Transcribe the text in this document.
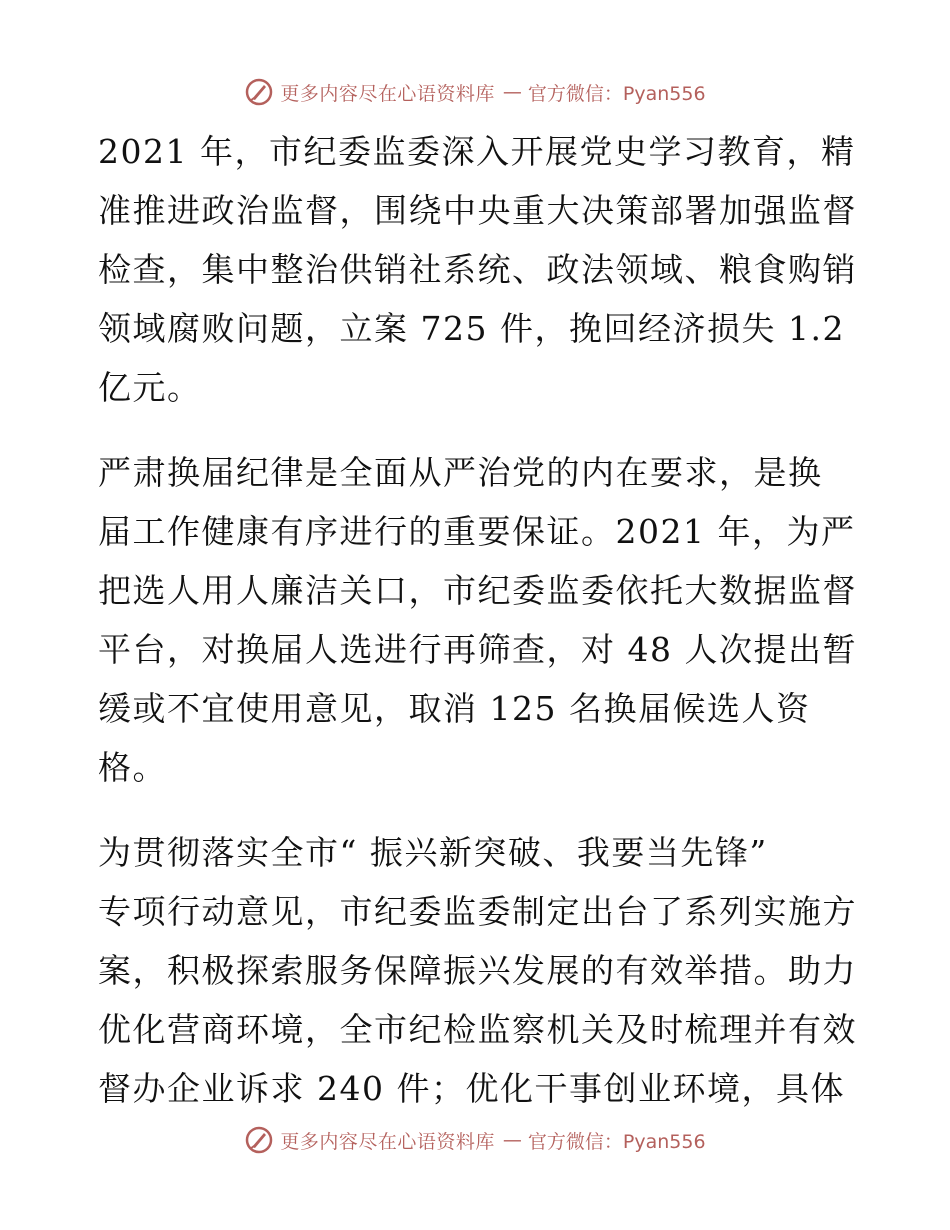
更多内容尽在心语资料库 — 官方微信：Pyan556

2021 年，市纪委监委深入开展党史学习教育，精
准推进政治监督，围绕中央重大决策部署加强监督
检查，集中整治供销社系统、政法领域、粮食购销
领域腐败问题，立案 725 件，挽回经济损失 1.2
亿元。

严肃换届纪律是全面从严治党的内在要求，是换
届工作健康有序进行的重要保证。2021 年，为严
把选人用人廉洁关口，市纪委监委依托大数据监督
平台，对换届人选进行再筛查，对 48 人次提出暂
缓或不宜使用意见，取消 125 名换届候选人资
格。

为贯彻落实全市“ 振兴新突破、我要当先锋”
专项行动意见，市纪委监委制定出台了系列实施方
案，积极探索服务保障振兴发展的有效举措。助力
优化营商环境，全市纪检监察机关及时梳理并有效
督办企业诉求 240 件；优化干事创业环境，具体

更多内容尽在心语资料库 — 官方微信：Pyan556
